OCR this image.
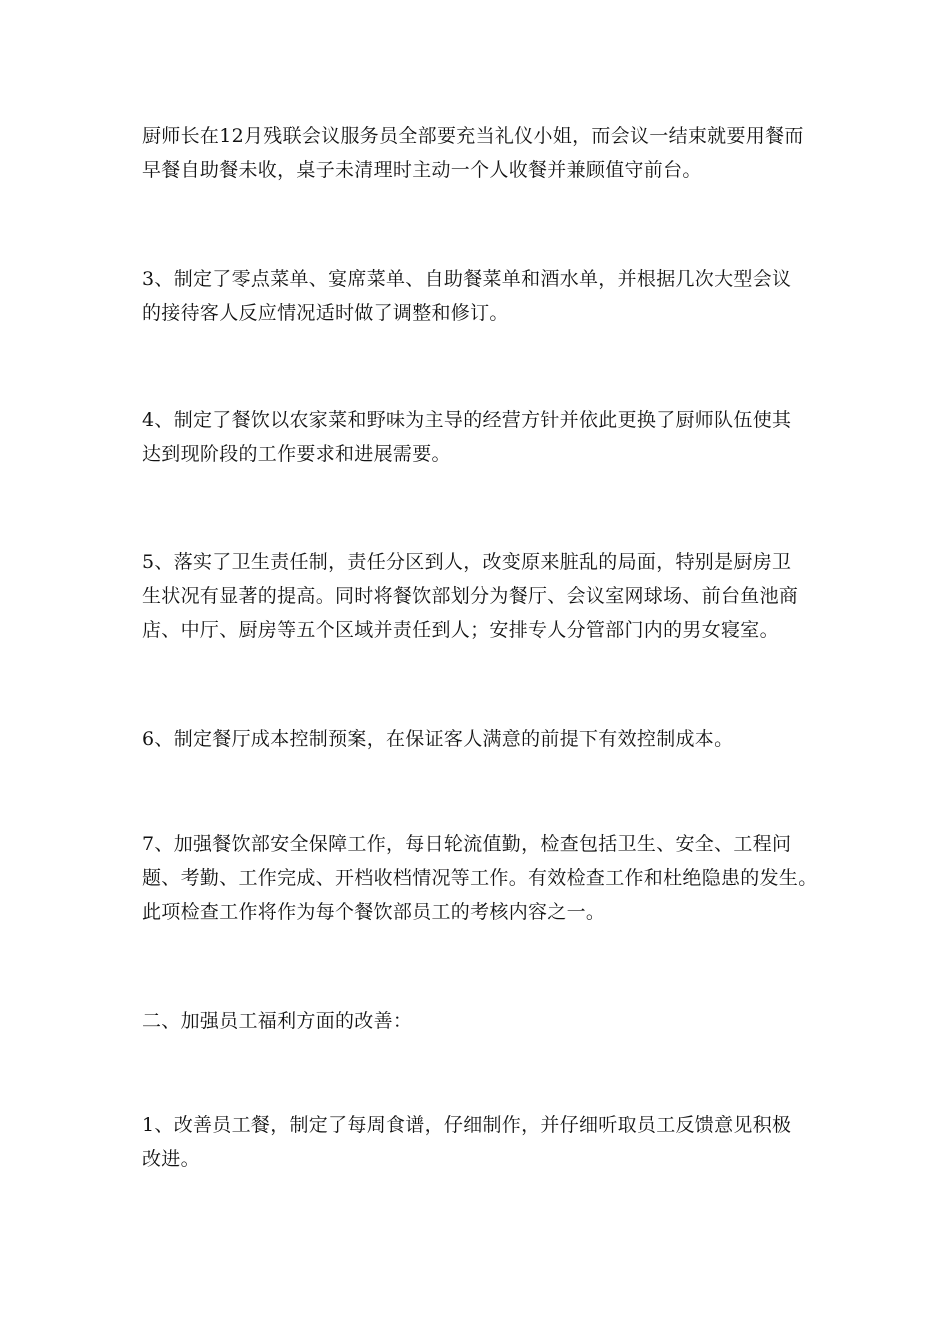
厨师长在12月残联会议服务员全部要充当礼仪小姐，而会议一结束就要用餐而
早餐自助餐未收，桌子未清理时主动一个人收餐并兼顾值守前台。

3、制定了零点菜单、宴席菜单、自助餐菜单和酒水单，并根据几次大型会议
的接待客人反应情况适时做了调整和修订。

4、制定了餐饮以农家菜和野味为主导的经营方针并依此更换了厨师队伍使其
达到现阶段的工作要求和进展需要。

5、落实了卫生责任制，责任分区到人，改变原来脏乱的局面，特别是厨房卫
生状况有显著的提高。同时将餐饮部划分为餐厅、会议室网球场、前台鱼池商
店、中厅、厨房等五个区域并责任到人；安排专人分管部门内的男女寝室。

6、制定餐厅成本控制预案，在保证客人满意的前提下有效控制成本。

7、加强餐饮部安全保障工作，每日轮流值勤，检查包括卫生、安全、工程问
题、考勤、工作完成、开档收档情况等工作。有效检查工作和杜绝隐患的发生。
此项检查工作将作为每个餐饮部员工的考核内容之一。

二、加强员工福利方面的改善：

1、改善员工餐，制定了每周食谱，仔细制作，并仔细听取员工反馈意见积极
改进。
